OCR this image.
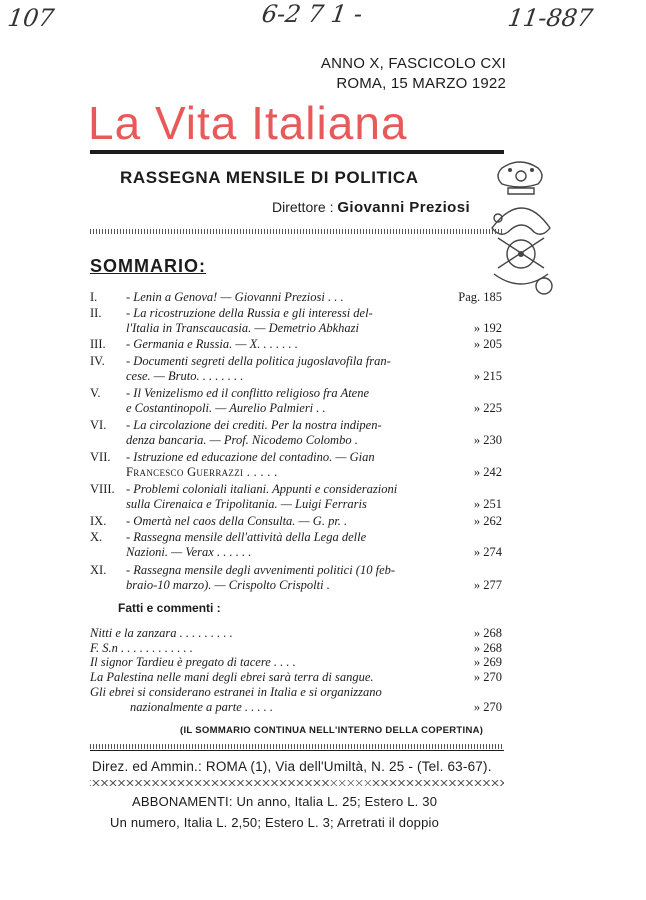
107	6-2 7 1 -	11-887
ANNO X, FASCICOLO CXI
ROMA, 15 MARZO 1922
La Vita Italiana
RASSEGNA MENSILE DI POLITICA
Direttore : Giovanni Preziosi
SOMMARIO:
I. - Lenin a Genova! — Giovanni Preziosi . . .	Pag. 185
II. - La ricostruzione della Russia e gli interessi del-
l'Italia in Transcaucasia. — Demetrio Abkhazi	» 192
III. - Germania e Russia. — X. . . . . . .	» 205
IV. - Documenti segreti della politica jugoslavofila fran-
cese. — Bruto. . . . . . . .	» 215
V. - Il Venizelismo ed il conflitto religioso fra Atene
e Costantinopoli. — Aurelio Palmieri . .	» 225
VI. - La circolazione dei crediti. Per la nostra indipen-
denza bancaria. — Prof. Nicodemo Colombo .	» 230
VII. - Istruzione ed educazione del contadino. — Gian
Francesco Guerrazzi . . . . .	» 242
VIII. - Problemi coloniali italiani. Appunti e considerazioni
sulla Cirenaica e Tripolitania. — Luigi Ferraris	» 251
IX. - Omertà nel caos della Consulta. — G. pr. .	» 262
X. - Rassegna mensile dell'attività della Lega delle
Nazioni. — Verax . . . . . .	» 274
XI. - Rassegna mensile degli avvenimenti politici (10 feb-
braio-10 marzo). — Crispolto Crispolti .	» 277
Fatti e commenti :
Nitti e la zanzara . . . . . . . . .	» 268
F. S.n . . . . . . . . . . . .	» 268
Il signor Tardieu è pregato di tacere . . . .	» 269
La Palestina nelle mani degli ebrei sarà terra di sangue.	» 270
Gli ebrei si considerano estranei in Italia e si organizzano
nazionalmente a parte . . . . .	» 270
(IL SOMMARIO CONTINUA NELL'INTERNO DELLA COPERTINA)
Direz. ed Ammin.: ROMA (1), Via dell'Umiltà, N. 25 - (Tel. 63-67).
ABBONAMENTI: Un anno, Italia L. 25; Estero L. 30
Un numero, Italia L. 2,50; Estero L. 3; Arretrati il doppio
